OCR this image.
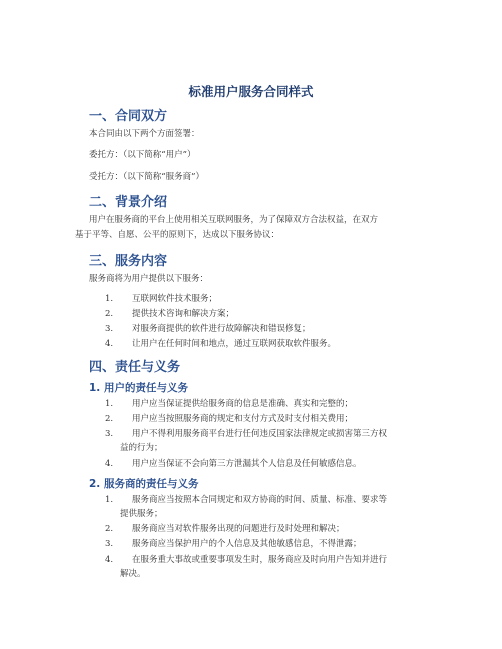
标准用户服务合同样式
一、合同双方
本合同由以下两个方面签署：
委托方：（以下简称“用户”）
受托方：（以下简称“服务商”）
二、背景介绍
用户在服务商的平台上使用相关互联网服务，为了保障双方合法权益，在双方
基于平等、自愿、公平的原则下，达成以下服务协议：
三、服务内容
服务商将为用户提供以下服务：
1. 互联网软件技术服务；
2. 提供技术咨询和解决方案；
3. 对服务商提供的软件进行故障解决和错误修复；
4. 让用户在任何时间和地点，通过互联网获取软件服务。
四、责任与义务
1. 用户的责任与义务
1. 用户应当保证提供给服务商的信息是准确、真实和完整的；
2. 用户应当按照服务商的规定和支付方式及时支付相关费用；
3. 用户不得利用服务商平台进行任何违反国家法律规定或损害第三方权
益的行为；
4. 用户应当保证不会向第三方泄漏其个人信息及任何敏感信息。
2. 服务商的责任与义务
1. 服务商应当按照本合同规定和双方协商的时间、质量、标准、要求等
提供服务；
2. 服务商应当对软件服务出现的问题进行及时处理和解决；
3. 服务商应当保护用户的个人信息及其他敏感信息，不得泄露；
4. 在服务重大事故或重要事项发生时，服务商应及时向用户告知并进行
解决。
